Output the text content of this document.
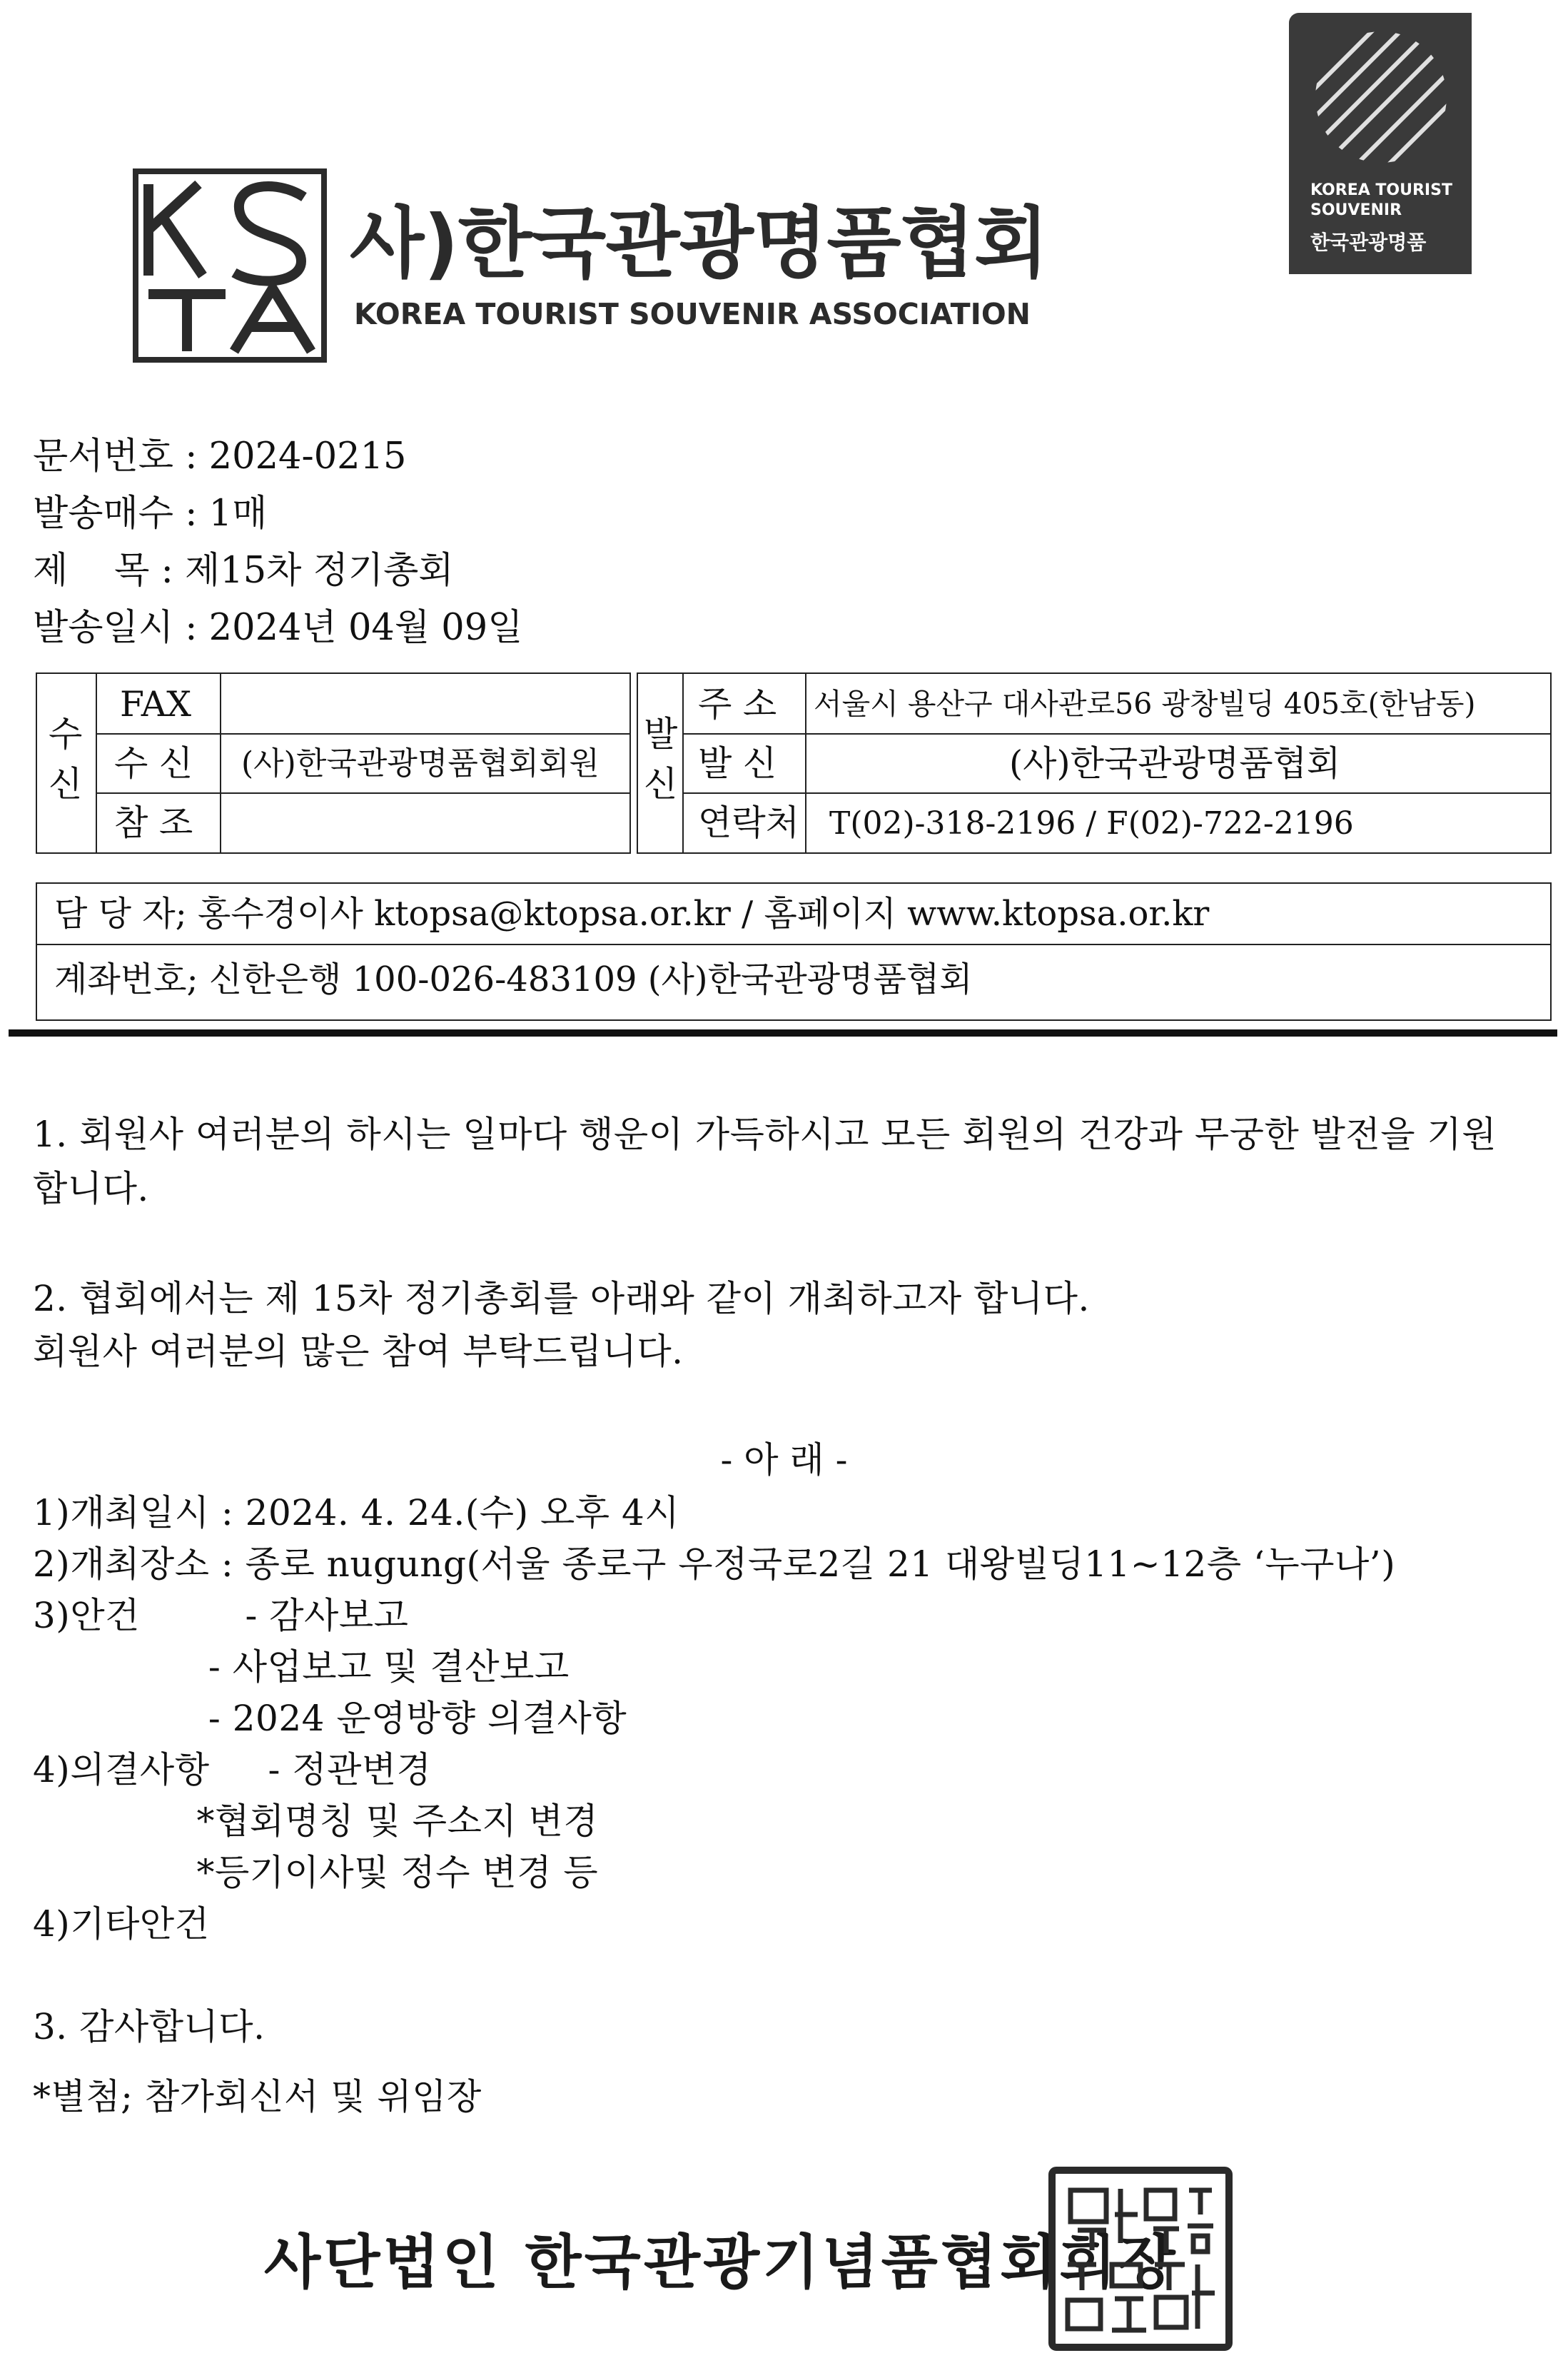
사)한국관광명품협회
KOREA TOURIST SOUVENIR ASSOCIATION
KOREA TOURIST
SOUVENIR
한국관광명품
문서번호 : 2024-0215
발송매수 : 1매
제    목 : 제15차 정기총회
발송일시 : 2024년 04월 09일
수
신
FAX
수 신 (사)한국관광명품협회회원
참 조
발
신
주 소 서울시 용산구 대사관로56 광창빌딩 405호(한남동)
발 신	(사)한국관광명품협회
연락처 T(02)-318-2196 / F(02)-722-2196
담 당 자; 홍수경이사 ktopsa@ktopsa.or.kr / 홈페이지 www.ktopsa.or.kr
계좌번호; 신한은행 100-026-483109 (사)한국관광명품협회
1. 회원사 여러분의 하시는 일마다 행운이 가득하시고 모든 회원의 건강과 무궁한 발전을 기원
합니다.
2. 협회에서는 제 15차 정기총회를 아래와 같이 개최하고자 합니다.
회원사 여러분의 많은 참여 부탁드립니다.
- 아 래 -
1)개최일시 : 2024. 4. 24.(수) 오후 4시
2)개최장소 : 종로 nugung(서울 종로구 우정국로2길 21 대왕빌딩11~12층 ‘누구나’)
3)안건         - 감사보고
- 사업보고 및 결산보고
- 2024 운영방향 의결사항
4)의결사항     - 정관변경
*협회명칭 및 주소지 변경
*등기이사및 정수 변경 등
4)기타안건
3. 감사합니다.
*별첨; 참가회신서 및 위임장
사단법인 한국관광기념품협회회장
